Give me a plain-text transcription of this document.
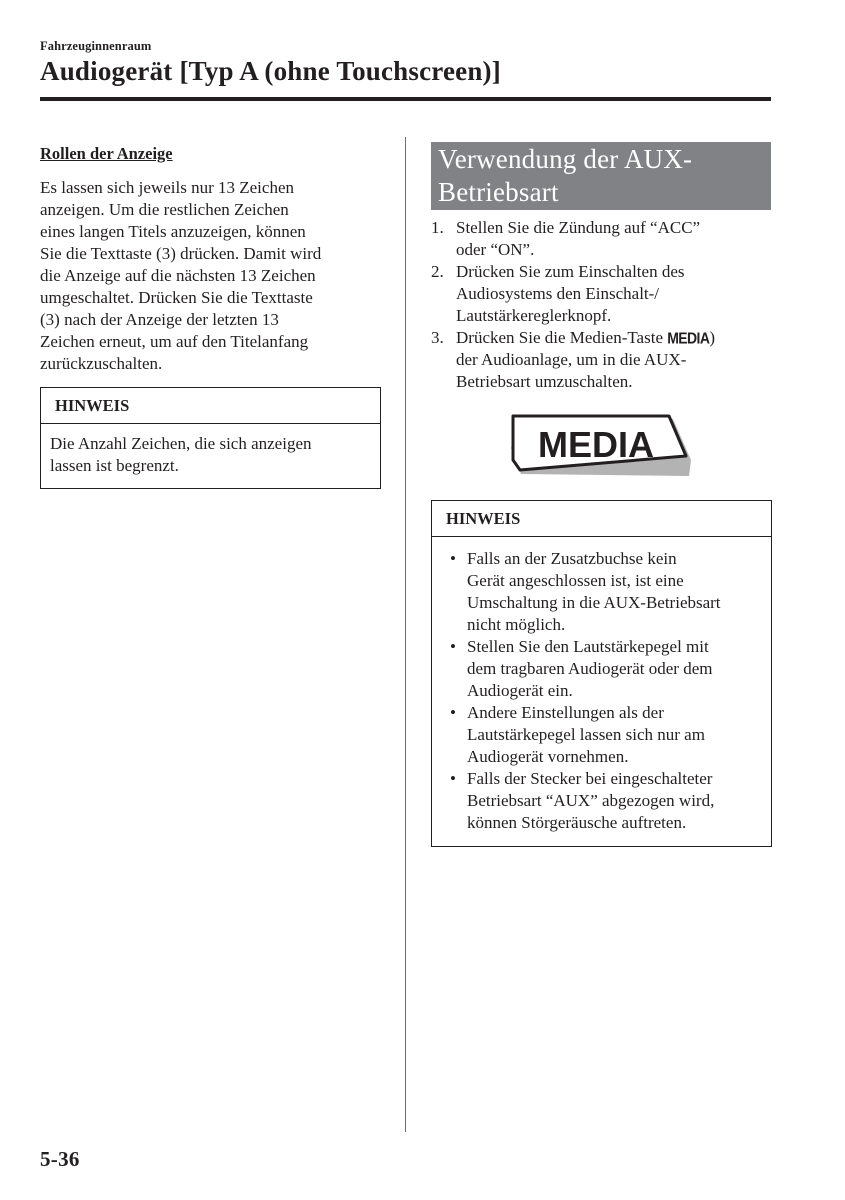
Fahrzeuginnenraum
Audiogerät [Typ A (ohne Touchscreen)]
Rollen der Anzeige

Es lassen sich jeweils nur 13 Zeichen
anzeigen. Um die restlichen Zeichen
eines langen Titels anzuzeigen, können
Sie die Texttaste (3) drücken. Damit wird
die Anzeige auf die nächsten 13 Zeichen
umgeschaltet. Drücken Sie die Texttaste
(3) nach der Anzeige der letzten 13
Zeichen erneut, um auf den Titelanfang
zurückzuschalten.

HINWEIS
Die Anzahl Zeichen, die sich anzeigen
lassen ist begrenzt.
Verwendung der AUX-
Betriebsart
1. Stellen Sie die Zündung auf “ACC”
oder “ON”.
2. Drücken Sie zum Einschalten des
Audiosystems den Einschalt-/
Lautstärkereglerknopf.
3. Drücken Sie die Medien-Taste MEDIA)
der Audioanlage, um in die AUX-
Betriebsart umzuschalten.
MEDIA
HINWEIS
• Falls an der Zusatzbuchse kein
Gerät angeschlossen ist, ist eine
Umschaltung in die AUX-Betriebsart
nicht möglich.
• Stellen Sie den Lautstärkepegel mit
dem tragbaren Audiogerät oder dem
Audiogerät ein.
• Andere Einstellungen als der
Lautstärkepegel lassen sich nur am
Audiogerät vornehmen.
• Falls der Stecker bei eingeschalteter
Betriebsart “AUX” abgezogen wird,
können Störgeräusche auftreten.
5-36
